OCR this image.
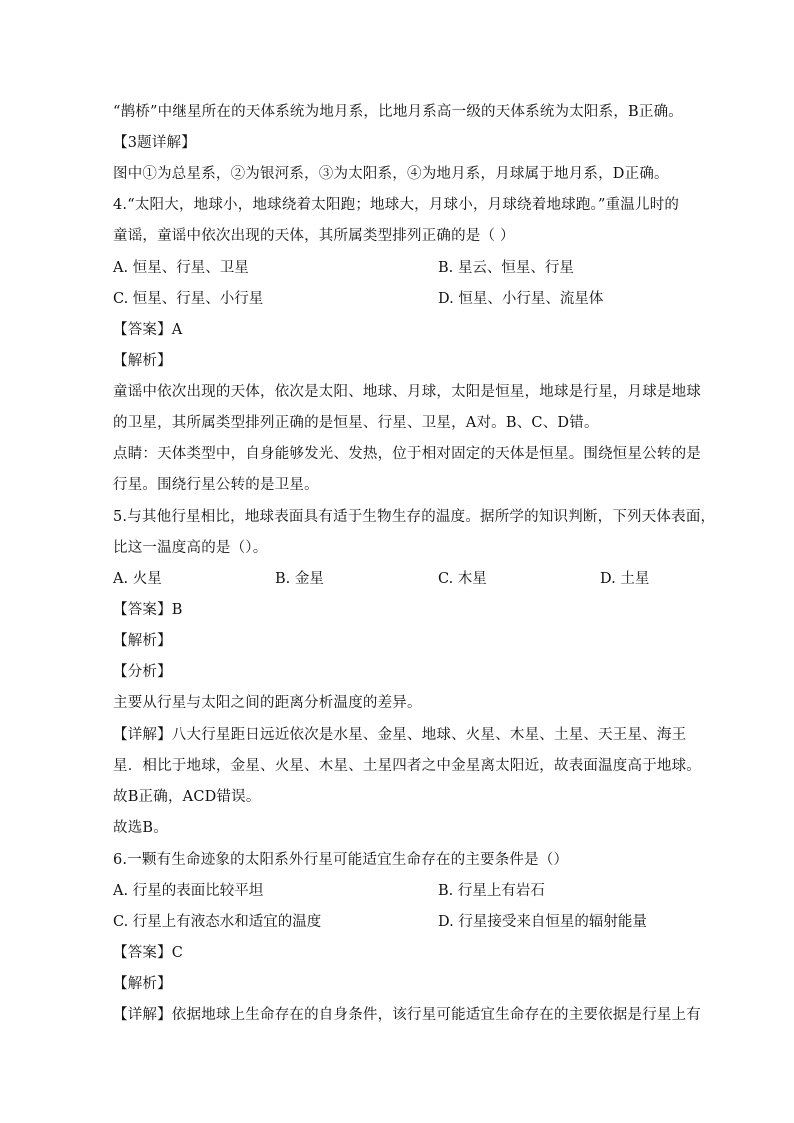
“鹊桥”中继星所在的天体系统为地月系，比地月系高一级的天体系统为太阳系，B正确。
【3题详解】
图中①为总星系，②为银河系，③为太阳系，④为地月系，月球属于地月系，D正确。
4.“太阳大，地球小，地球绕着太阳跑；地球大，月球小，月球绕着地球跑。”重温儿时的
童谣，童谣中依次出现的天体，其所属类型排列正确的是（ ）
A. 恒星、行星、卫星	B. 星云、恒星、行星
C. 恒星、行星、小行星	D. 恒星、小行星、流星体
【答案】A
【解析】
童谣中依次出现的天体，依次是太阳、地球、月球，太阳是恒星，地球是行星，月球是地球
的卫星，其所属类型排列正确的是恒星、行星、卫星，A对。B、C、D错。
点睛：天体类型中，自身能够发光、发热，位于相对固定的天体是恒星。围绕恒星公转的是
行星。围绕行星公转的是卫星。
5.与其他行星相比，地球表面具有适于生物生存的温度。据所学的知识判断，下列天体表面，
比这一温度高的是（）。
A. 火星	B. 金星	C. 木星	D. 土星
【答案】B
【解析】
【分析】
主要从行星与太阳之间的距离分析温度的差异。
【详解】八大行星距日远近依次是水星、金星、地球、火星、木星、土星、天王星、海王
星．相比于地球，金星、火星、木星、土星四者之中金星离太阳近，故表面温度高于地球。
故B正确，ACD错误。
故选B。
6.一颗有生命迹象的太阳系外行星可能适宜生命存在的主要条件是（）
A. 行星的表面比较平坦	B. 行星上有岩石
C. 行星上有液态水和适宜的温度	D. 行星接受来自恒星的辐射能量
【答案】C
【解析】
【详解】依据地球上生命存在的自身条件，该行星可能适宜生命存在的主要依据是行星上有
